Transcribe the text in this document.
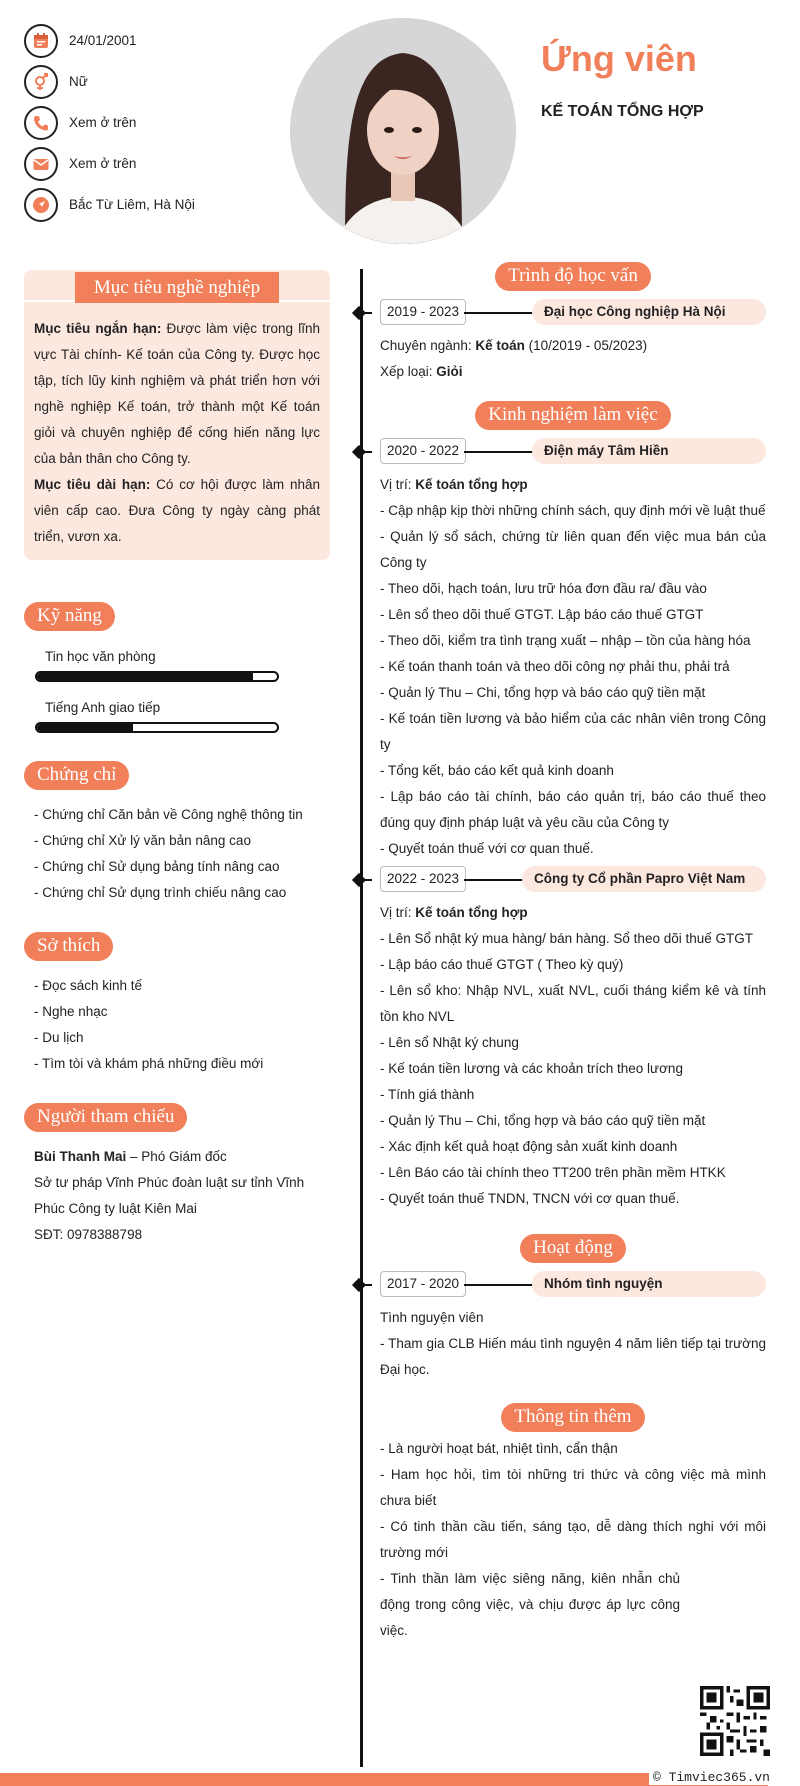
24/01/2001
Nữ
Xem ở trên
Xem ở trên
Bắc Từ Liêm, Hà Nội
Ứng viên
KẾ TOÁN TỔNG HỢP
Mục tiêu nghề nghiệp

Mục tiêu ngắn hạn: Được làm việc trong lĩnh vực Tài chính- Kế toán của Công ty. Được học tập, tích lũy kinh nghiệm và phát triển hơn với nghề nghiệp Kế toán, trở thành một Kế toán giỏi và chuyên nghiệp để cống hiến năng lực của bản thân cho Công ty.

Mục tiêu dài hạn: Có cơ hội được làm nhân viên cấp cao. Đưa Công ty ngày càng phát triển, vươn xa.

Kỹ năng
Tin học văn phòng
Tiếng Anh giao tiếp
Chứng chỉ
- Chứng chỉ Căn bản về Công nghệ thông tin
- Chứng chỉ Xử lý văn bản nâng cao
- Chứng chỉ Sử dụng bảng tính nâng cao
- Chứng chỉ Sử dụng trình chiếu nâng cao
Sở thích
- Đọc sách kinh tế
- Nghe nhạc
- Du lịch
- Tìm tòi và khám phá những điều mới
Người tham chiếu
Bùi Thanh Mai – Phó Giám đốc
Sở tư pháp Vĩnh Phúc đoàn luật sư tỉnh Vĩnh Phúc Công ty luật Kiên Mai
SĐT: 0978388798
Trình độ học vấn
2019 - 2023	Đại học Công nghiệp Hà Nội
Chuyên ngành: Kế toán (10/2019 - 05/2023)
Xếp loại: Giỏi
Kinh nghiệm làm việc
2020 - 2022	Điện máy Tâm Hiền
Vị trí: Kế toán tổng hợp
- Cập nhập kịp thời những chính sách, quy định mới về luật thuế
- Quản lý sổ sách, chứng từ liên quan đến việc mua bán của Công ty
- Theo dõi, hạch toán, lưu trữ hóa đơn đầu ra/ đầu vào
- Lên sổ theo dõi thuế GTGT. Lập báo cáo thuế GTGT
- Theo dõi, kiểm tra tình trạng xuất – nhập – tồn của hàng hóa
- Kế toán thanh toán và theo dõi công nợ phải thu, phải trả
- Quản lý Thu – Chi, tổng hợp và báo cáo quỹ tiền mặt
- Kế toán tiền lương và bảo hiểm của các nhân viên trong Công ty
- Tổng kết, báo cáo kết quả kinh doanh
- Lập báo cáo tài chính, báo cáo quản trị, báo cáo thuế theo đúng quy định pháp luật và yêu cầu của Công ty
- Quyết toán thuế với cơ quan thuế.
2022 - 2023	Công ty Cổ phần Papro Việt Nam
Vị trí: Kế toán tổng hợp
- Lên Sổ nhật ký mua hàng/ bán hàng. Sổ theo dõi thuế GTGT
- Lập báo cáo thuế GTGT ( Theo kỳ quý)
- Lên sổ kho: Nhập NVL, xuất NVL, cuối tháng kiểm kê và tính tồn kho NVL
- Lên sổ Nhật ký chung
- Kế toán tiền lương và các khoản trích theo lương
- Tính giá thành
- Quản lý Thu – Chi, tổng hợp và báo cáo quỹ tiền mặt
- Xác định kết quả hoạt động sản xuất kinh doanh
- Lên Báo cáo tài chính theo TT200 trên phần mềm HTKK
- Quyết toán thuế TNDN, TNCN với cơ quan thuế.
Hoạt động
2017 - 2020	Nhóm tình nguyện
Tình nguyện viên
- Tham gia CLB Hiến máu tình nguyện 4 năm liên tiếp tại trường Đại học.
Thông tin thêm
- Là người hoạt bát, nhiệt tình, cẩn thận
- Ham học hỏi, tìm tòi những tri thức và công việc mà mình chưa biết
- Có tinh thần cầu tiến, sáng tạo, dễ dàng thích nghi với môi trường mới
- Tinh thần làm việc siêng năng, kiên nhẫn chủ động trong công việc, và chịu được áp lực công việc.
© Timviec365.vn
